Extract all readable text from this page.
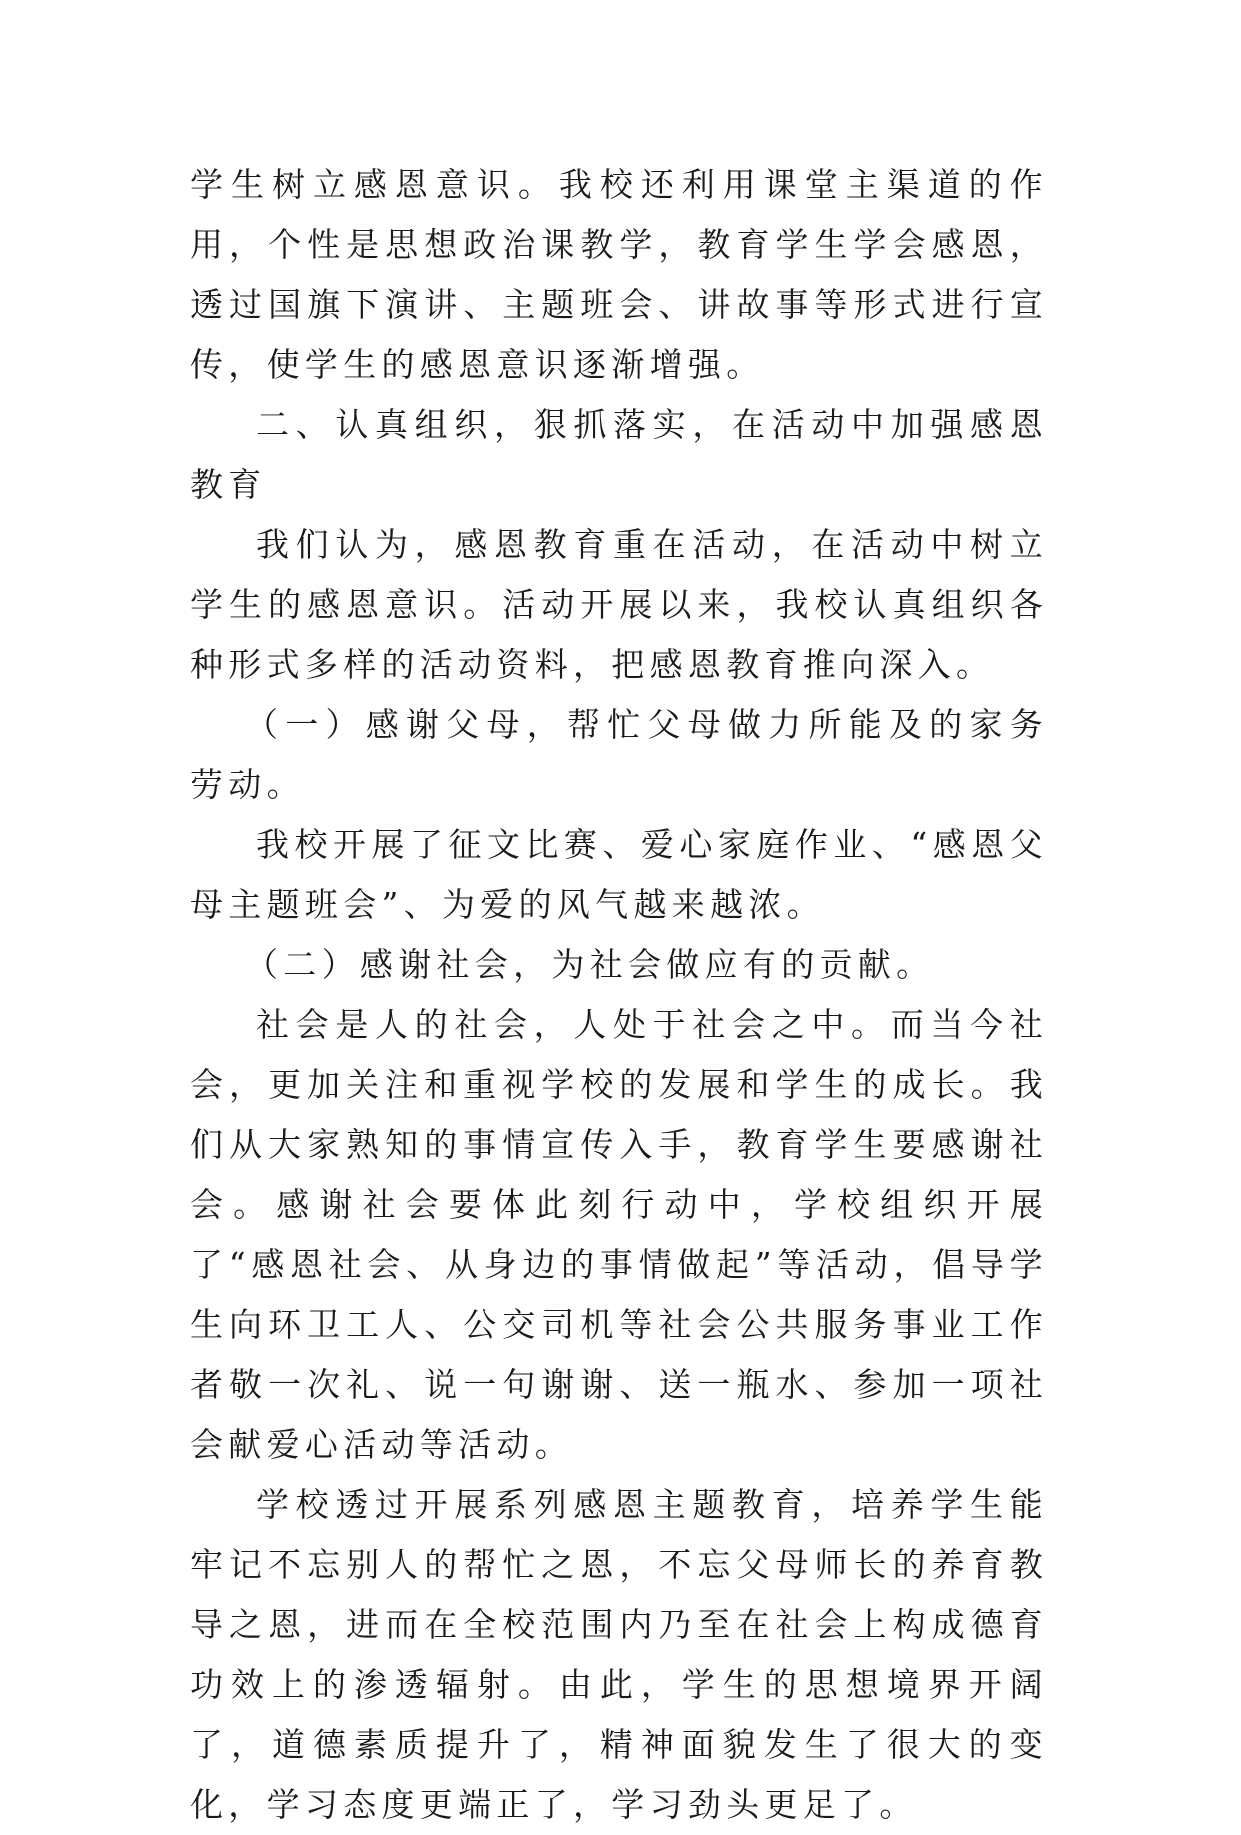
学生树立感恩意识。我校还利用课堂主渠道的作用，个性是思想政治课教学，教育学生学会感恩，透过国旗下演讲、主题班会、讲故事等形式进行宣传，使学生的感恩意识逐渐增强。

二、认真组织，狠抓落实，在活动中加强感恩教育

我们认为，感恩教育重在活动，在活动中树立学生的感恩意识。活动开展以来，我校认真组织各种形式多样的活动资料，把感恩教育推向深入。

（一）感谢父母，帮忙父母做力所能及的家务劳动。

我校开展了征文比赛、爱心家庭作业、“感恩父母主题班会”、为爱的风气越来越浓。

（二）感谢社会，为社会做应有的贡献。

社会是人的社会，人处于社会之中。而当今社会，更加关注和重视学校的发展和学生的成长。我们从大家熟知的事情宣传入手，教育学生要感谢社会。感谢社会要体此刻行动中，学校组织开展了“感恩社会、从身边的事情做起”等活动，倡导学生向环卫工人、公交司机等社会公共服务事业工作者敬一次礼、说一句谢谢、送一瓶水、参加一项社会献爱心活动等活动。

学校透过开展系列感恩主题教育，培养学生能牢记不忘别人的帮忙之恩，不忘父母师长的养育教导之恩，进而在全校范围内乃至在社会上构成德育功效上的渗透辐射。由此，学生的思想境界开阔了，道德素质提升了，精神面貌发生了很大的变化，学习态度更端正了，学习劲头更足了。
